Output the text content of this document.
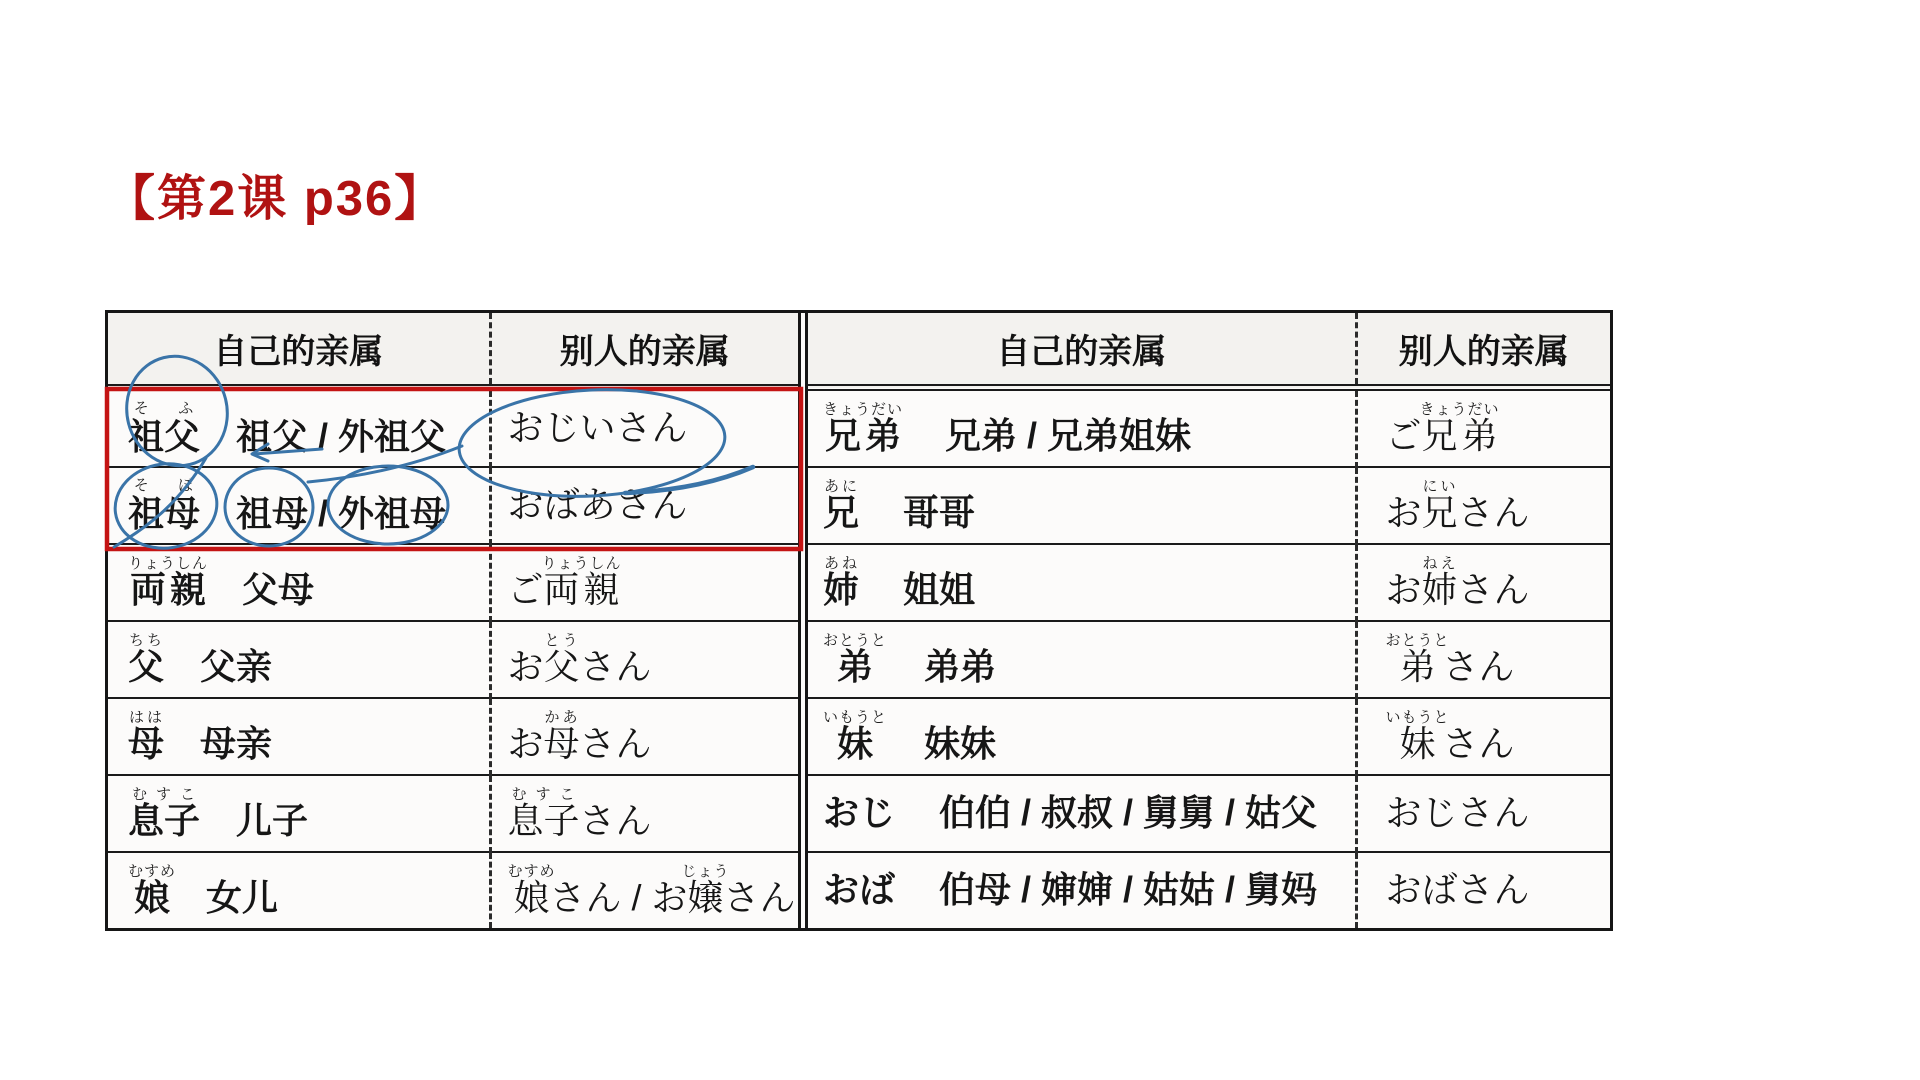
【第2课 p36】
自己的亲属	别人的亲属
祖父そ ふ祖父 / 外祖父	おじいさん
祖母そ ぼ祖母 / 外祖母	おばあさん
両親りょうしん父母	ご両親りょうしん
父ちち父亲	お父とうさん
母はは母亲	お母かあさん
息子むすこ儿子	息子むすこさん
娘むすめ女儿	娘むすめさん / お嬢じょうさん
自己的亲属	别人的亲属
兄弟きょうだい兄弟 / 兄弟姐妹	ご兄弟きょうだい
兄あに哥哥	お兄にいさん
姉あね姐姐	お姉ねえさん
弟おとうと弟弟	弟おとうとさん
妹いもうと妹妹	妹いもうとさん
おじ 伯伯 / 叔叔 / 舅舅 / 姑父	おじさん
おば 伯母 / 婶婶 / 姑姑 / 舅妈	おばさん
